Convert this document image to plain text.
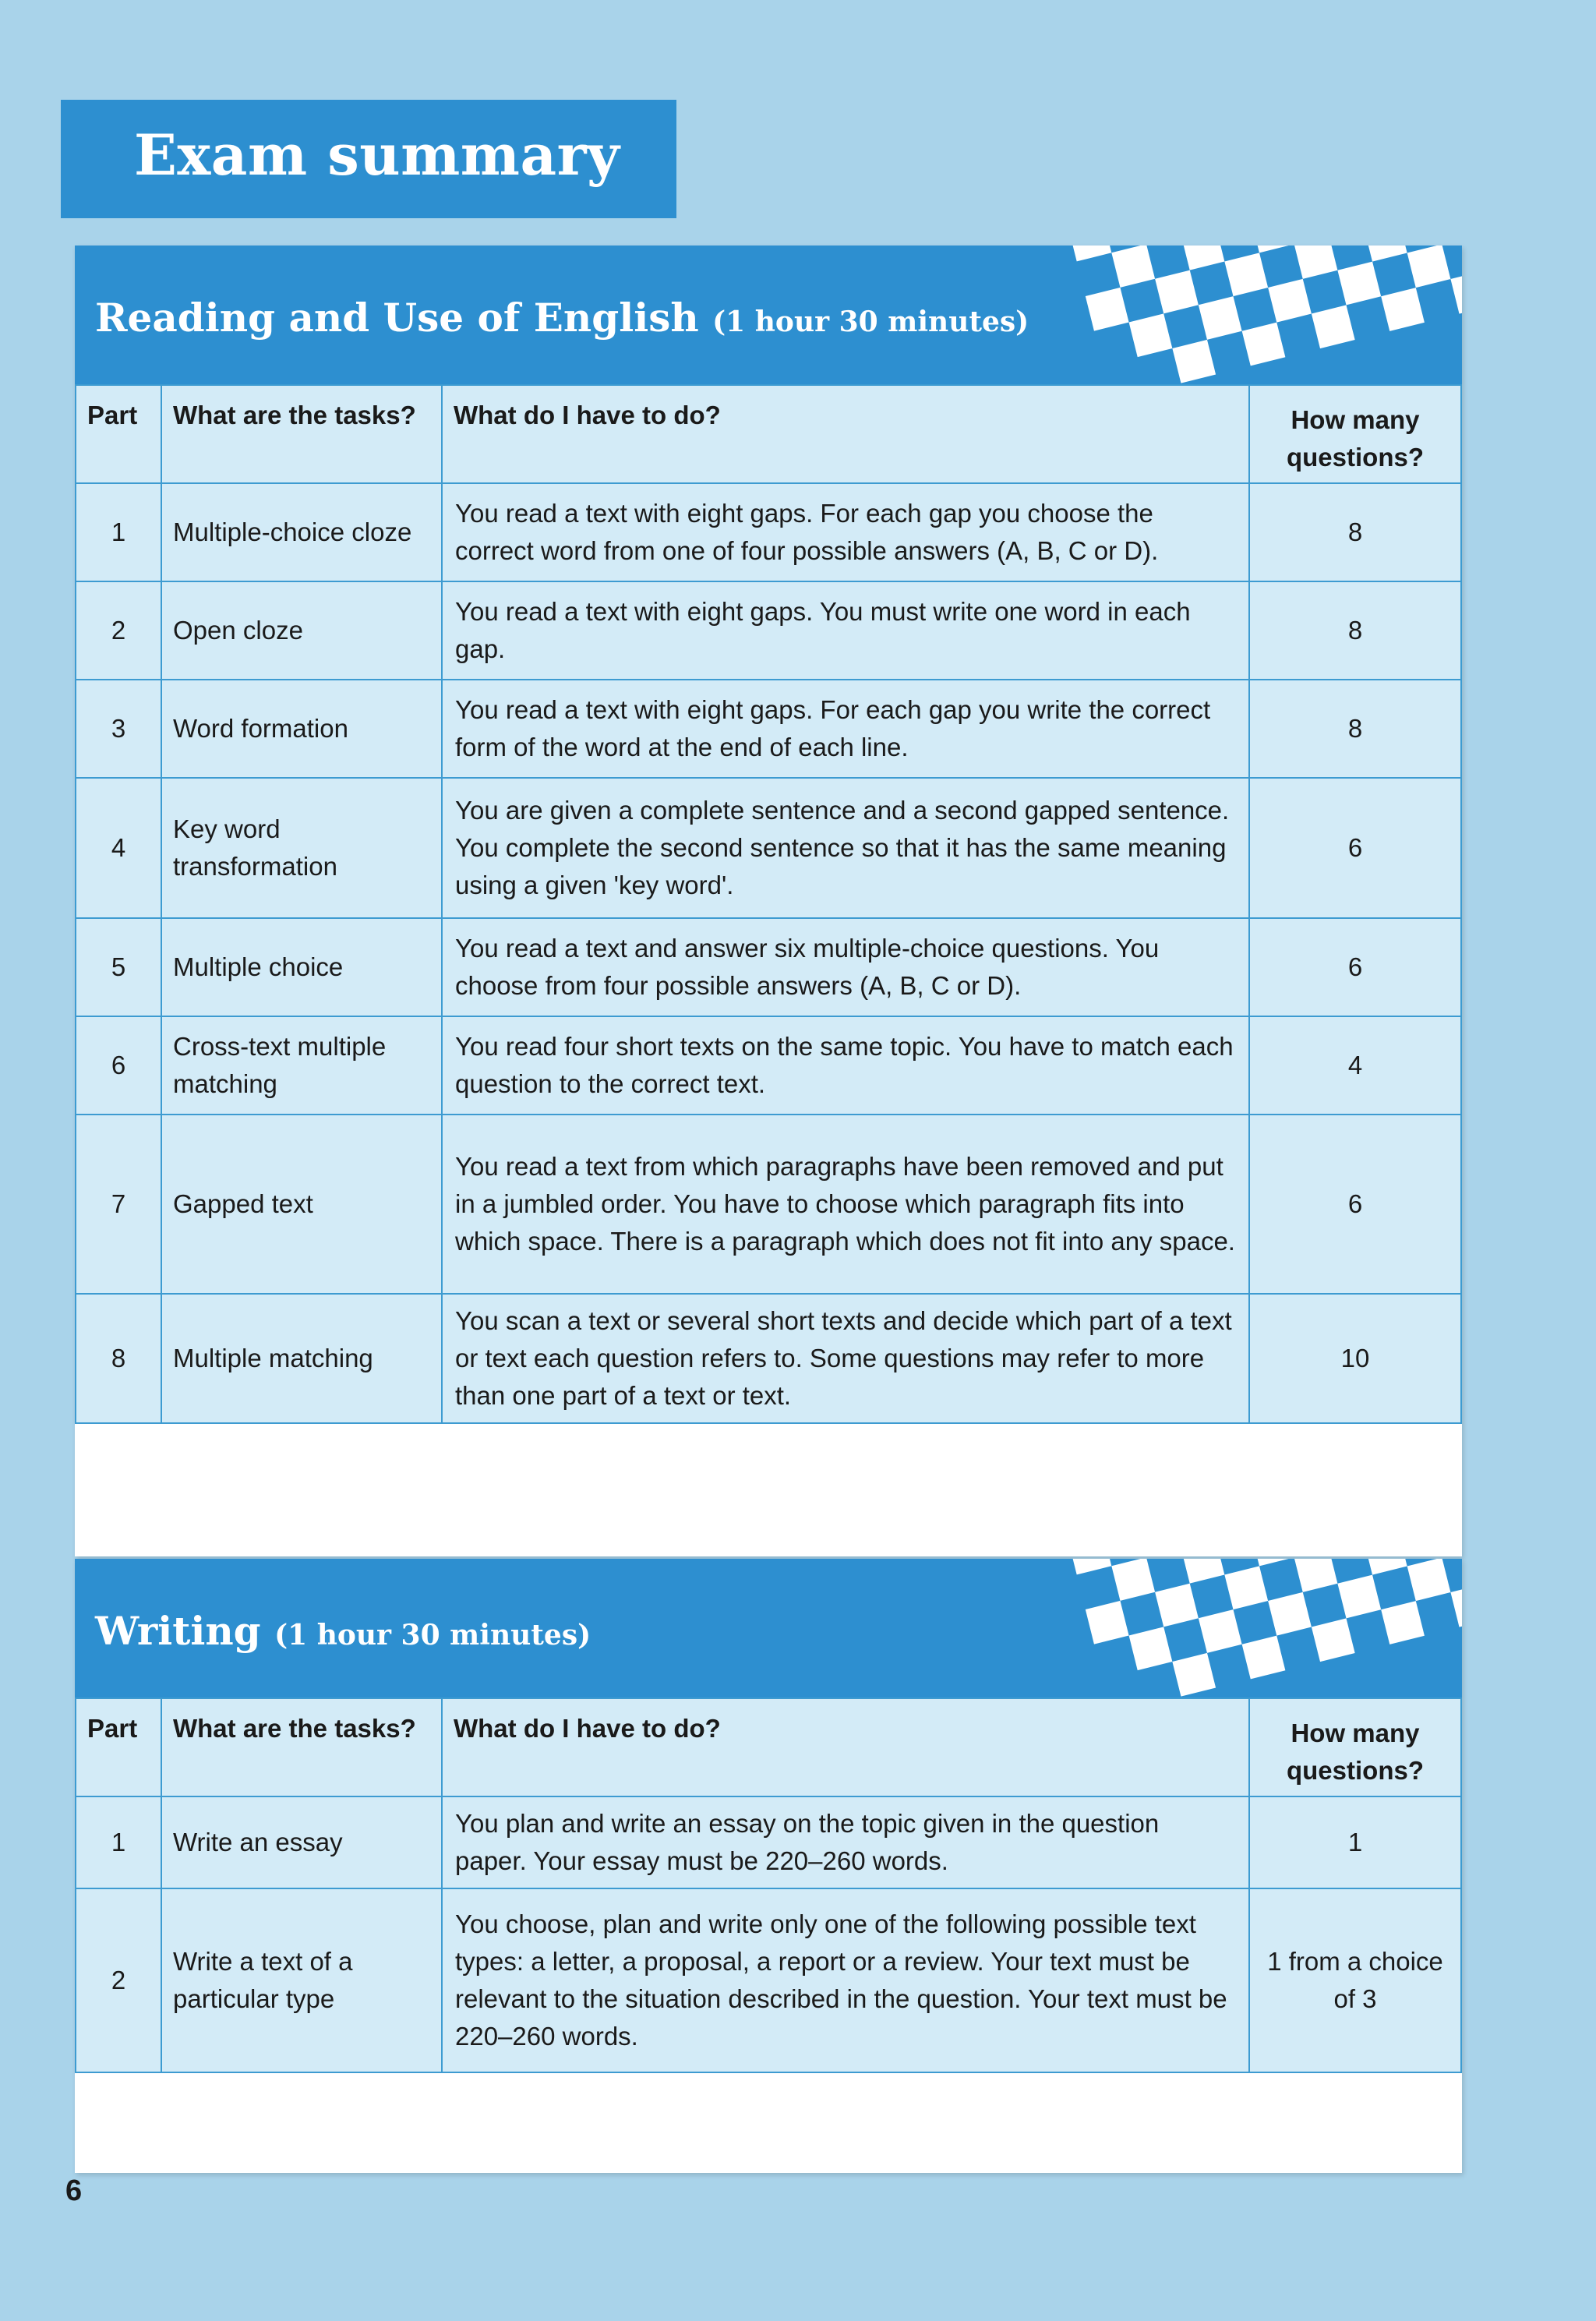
Exam summary
Reading and Use of English (1 hour 30 minutes)
Part	What are the tasks?	What do I have to do?	How many questions?
1	Multiple-choice cloze	You read a text with eight gaps. For each gap you choose the correct word from one of four possible answers (A, B, C or D).	8
2	Open cloze	You read a text with eight gaps. You must write one word in each gap.	8
3	Word formation	You read a text with eight gaps. For each gap you write the correct form of the word at the end of each line.	8
4	Key word transformation	You are given a complete sentence and a second gapped sentence. You complete the second sentence so that it has the same meaning using a given 'key word'.	6
5	Multiple choice	You read a text and answer six multiple-choice questions. You choose from four possible answers (A, B, C or D).	6
6	Cross-text multiple matching	You read four short texts on the same topic. You have to match each question to the correct text.	4
7	Gapped text	You read a text from which paragraphs have been removed and put in a jumbled order. You have to choose which paragraph fits into which space. There is a paragraph which does not fit into any space.	6
8	Multiple matching	You scan a text or several short texts and decide which part of a text or text each question refers to. Some questions may refer to more than one part of a text or text.	10
Writing (1 hour 30 minutes)
Part	What are the tasks?	What do I have to do?	How many questions?
1	Write an essay	You plan and write an essay on the topic given in the question paper. Your essay must be 220–260 words.	1
2	Write a text of a particular type	You choose, plan and write only one of the following possible text types: a letter, a proposal, a report or a review. Your text must be relevant to the situation described in the question. Your text must be 220–260 words.	1 from a choice of 3
6
